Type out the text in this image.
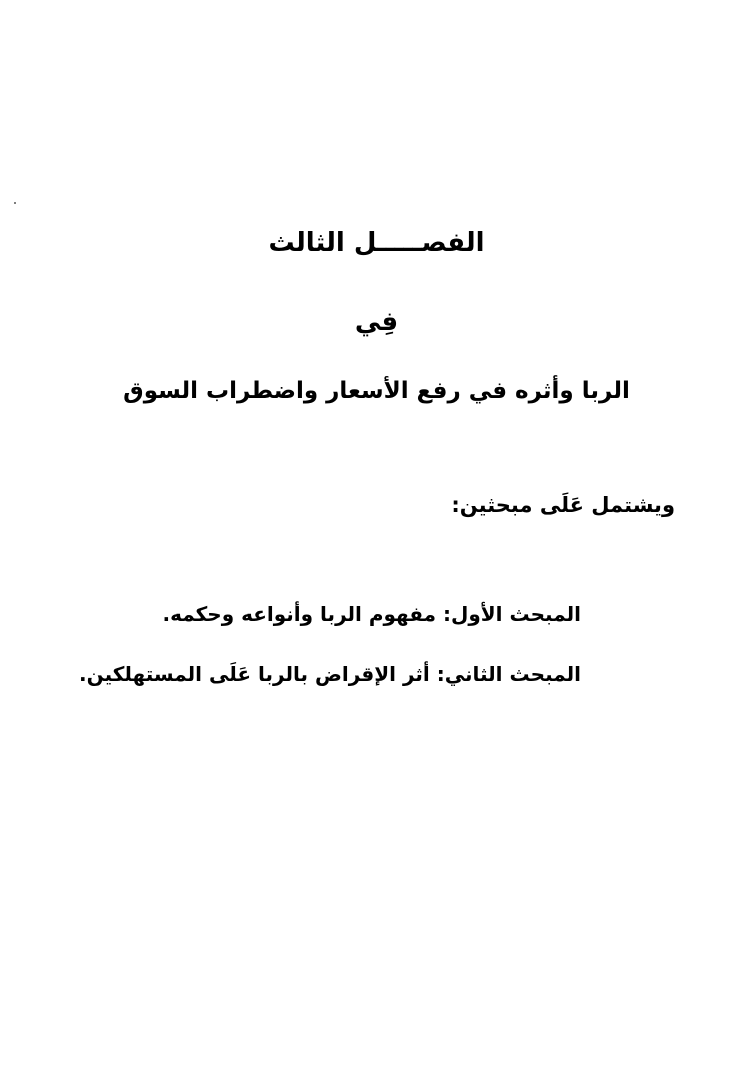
الفصـــــل الثالث
فِي
الربا وأثره في رفع الأسعار واضطراب السوق
ويشتمل عَلَى مبحثين:
المبحث الأول: مفهوم الربا وأنواعه وحكمه.
المبحث الثاني: أثر الإقراض بالربا عَلَى المستهلكين.
